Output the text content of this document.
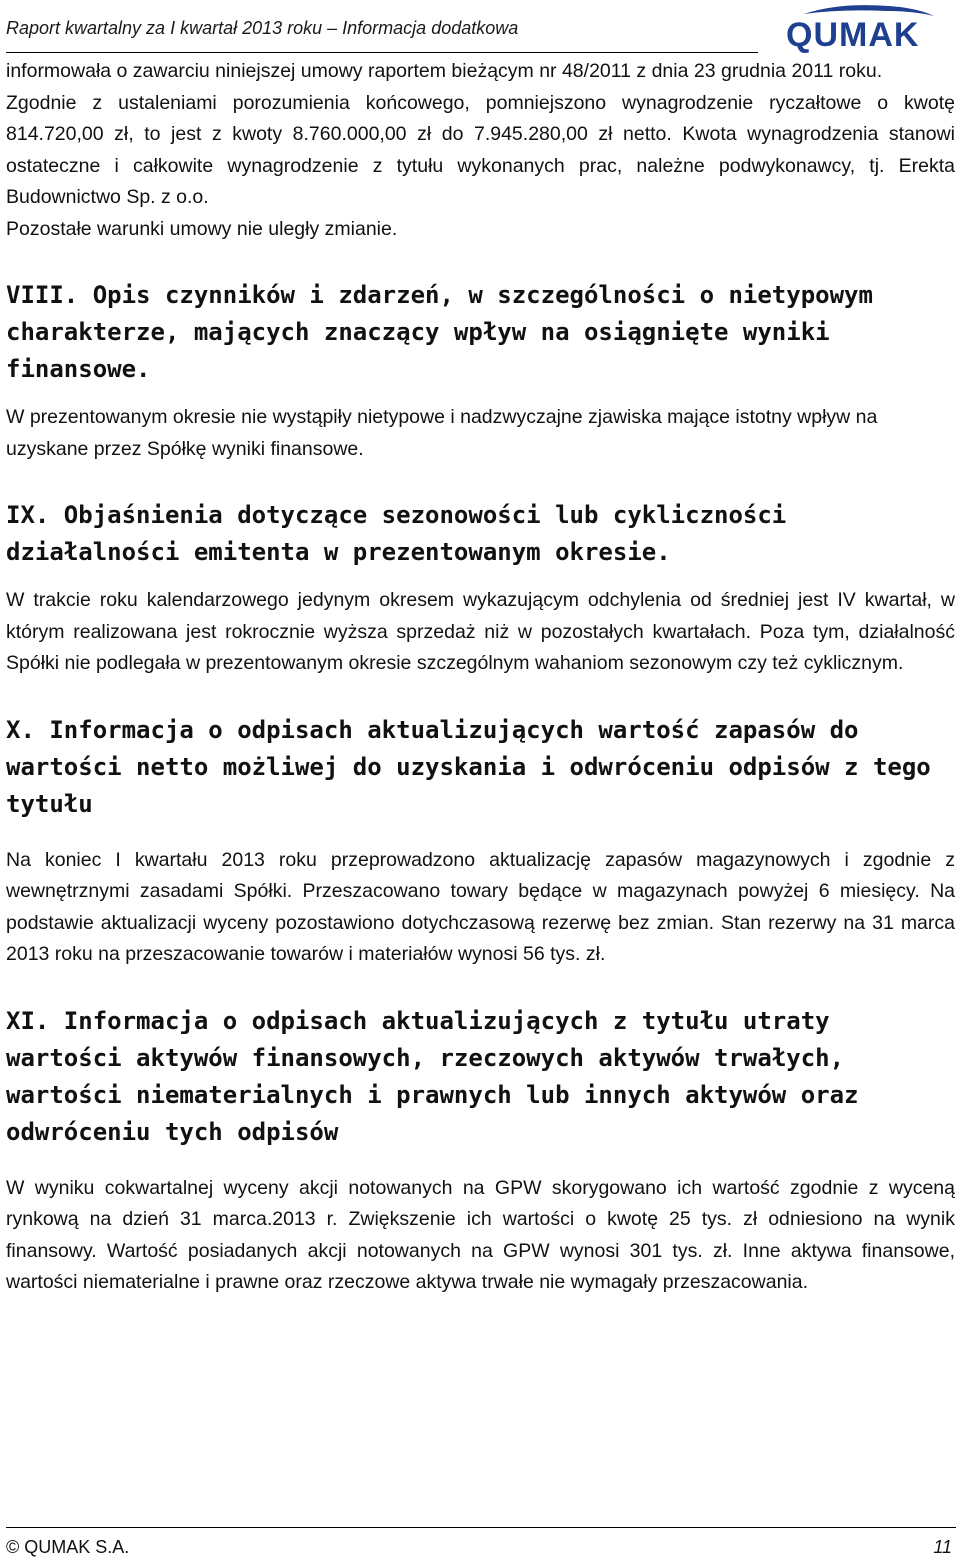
Raport kwartalny za I kwartał 2013 roku – Informacja dodatkowa	QUMAK

informowała o zawarciu niniejszej umowy raportem bieżącym nr 48/2011 z dnia 23 grudnia 2011 roku.

Zgodnie z ustaleniami porozumienia końcowego, pomniejszono wynagrodzenie ryczałtowe o kwotę 814.720,00 zł, to jest z kwoty 8.760.000,00 zł do 7.945.280,00 zł netto. Kwota wynagrodzenia stanowi ostateczne i całkowite wynagrodzenie z tytułu wykonanych prac, należne podwykonawcy, tj. Erekta Budownictwo Sp. z o.o.

Pozostałe warunki umowy nie uległy zmianie.

VIII. Opis czynników i zdarzeń, w szczególności o nietypowym charakterze, mających znaczący wpływ na osiągnięte wyniki finansowe.

W prezentowanym okresie nie wystąpiły nietypowe i nadzwyczajne zjawiska mające istotny wpływ na uzyskane przez Spółkę wyniki finansowe.

IX. Objaśnienia dotyczące sezonowości lub cykliczności działalności emitenta w prezentowanym okresie.

W trakcie roku kalendarzowego jedynym okresem wykazującym odchylenia od średniej jest IV kwartał, w którym realizowana jest rokrocznie wyższa sprzedaż niż w pozostałych kwartałach. Poza tym, działalność Spółki nie podlegała w prezentowanym okresie szczególnym wahaniom sezonowym czy też cyklicznym.

X. Informacja o odpisach aktualizujących wartość zapasów do wartości netto możliwej do uzyskania i odwróceniu odpisów z tego tytułu

Na koniec I kwartału 2013 roku przeprowadzono aktualizację zapasów magazynowych i zgodnie z wewnętrznymi zasadami Spółki. Przeszacowano towary będące w magazynach powyżej 6 miesięcy. Na podstawie aktualizacji wyceny pozostawiono dotychczasową rezerwę bez zmian. Stan rezerwy na 31 marca 2013 roku na przeszacowanie towarów i materiałów wynosi 56 tys. zł.

XI. Informacja o odpisach aktualizujących z tytułu utraty wartości aktywów finansowych, rzeczowych aktywów trwałych, wartości niematerialnych i prawnych lub innych aktywów oraz odwróceniu tych odpisów

W wyniku cokwartalnej wyceny akcji notowanych na GPW skorygowano ich wartość zgodnie z wyceną rynkową na dzień 31 marca.2013 r. Zwiększenie ich wartości o kwotę 25 tys. zł odniesiono na wynik finansowy. Wartość posiadanych akcji notowanych na GPW wynosi 301 tys. zł. Inne aktywa finansowe, wartości niematerialne i prawne oraz rzeczowe aktywa trwałe nie wymagały przeszacowania.

© QUMAK S.A.	11
